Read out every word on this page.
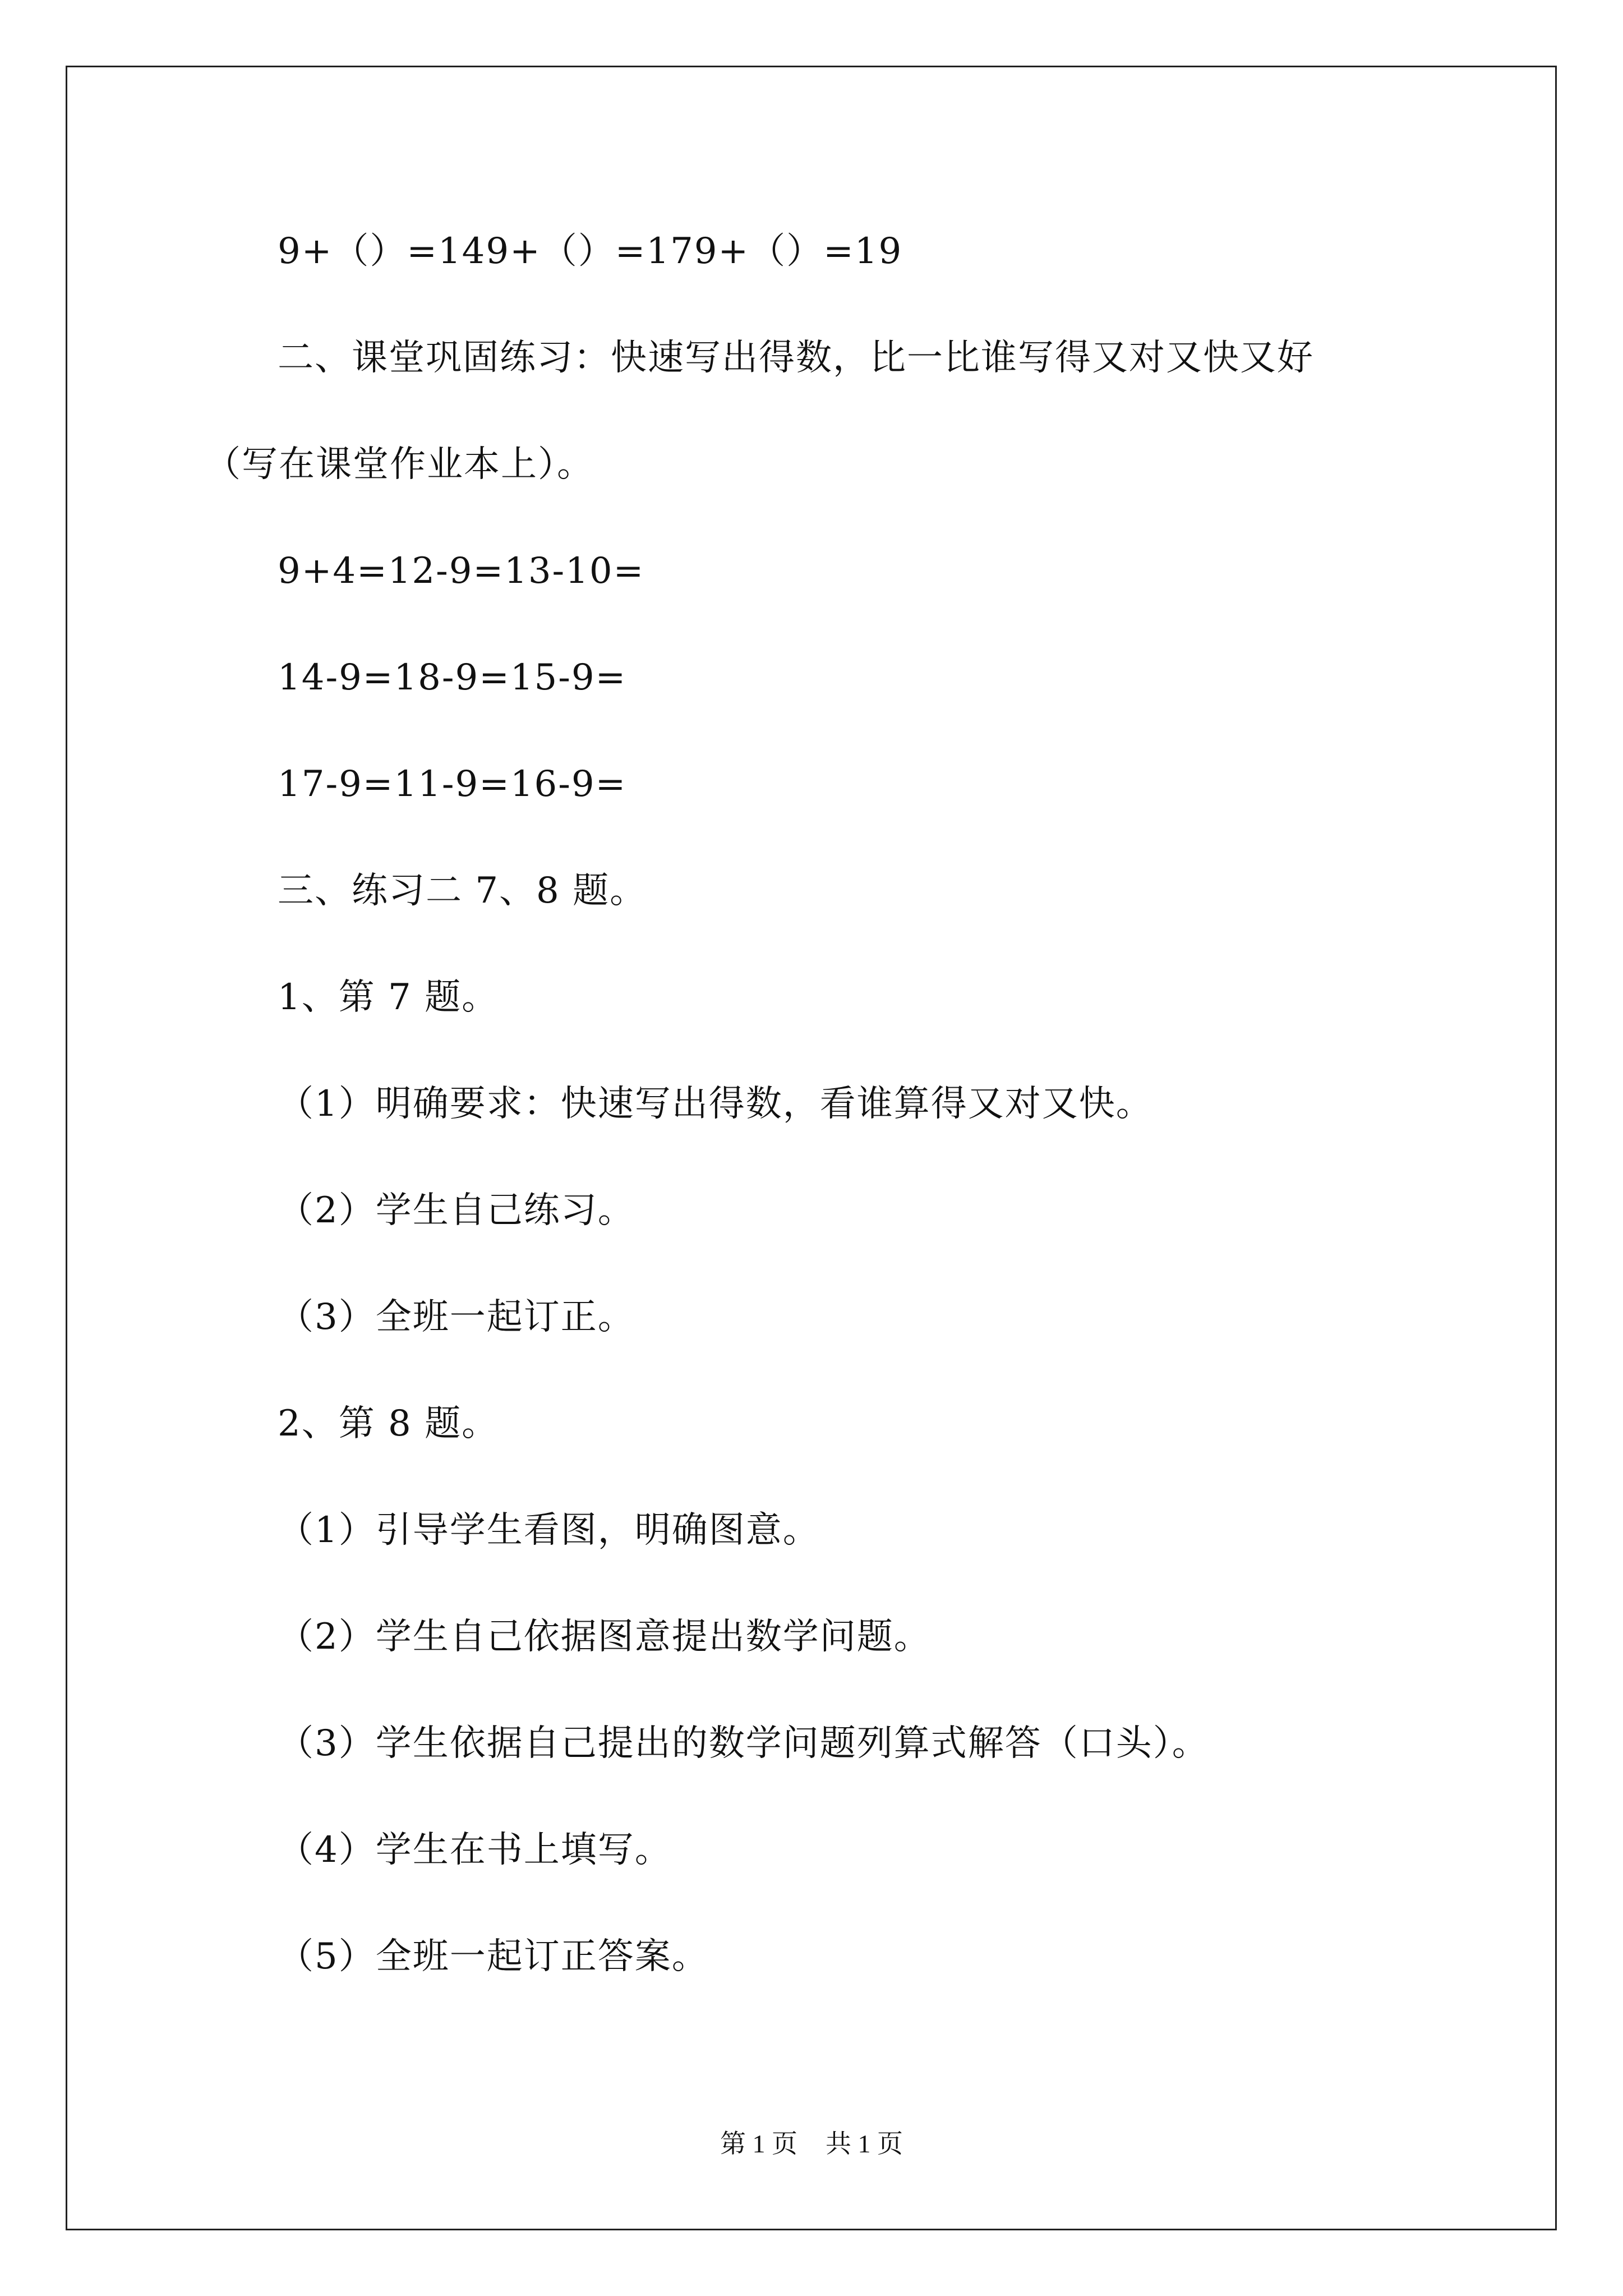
9+（）=149+（）=179+（）=19
二、课堂巩固练习：快速写出得数，比一比谁写得又对又快又好
（写在课堂作业本上）。
9+4=12-9=13-10=
14-9=18-9=15-9=
17-9=11-9=16-9=
三、练习二 7、8 题。
1、第 7 题。
（1）明确要求：快速写出得数，看谁算得又对又快。
（2）学生自己练习。
（3）全班一起订正。
2、第 8 题。
（1）引导学生看图，明确图意。
（2）学生自己依据图意提出数学问题。
（3）学生依据自己提出的数学问题列算式解答（口头）。
（4）学生在书上填写。
（5）全班一起订正答案。
第 1 页 共 1 页
